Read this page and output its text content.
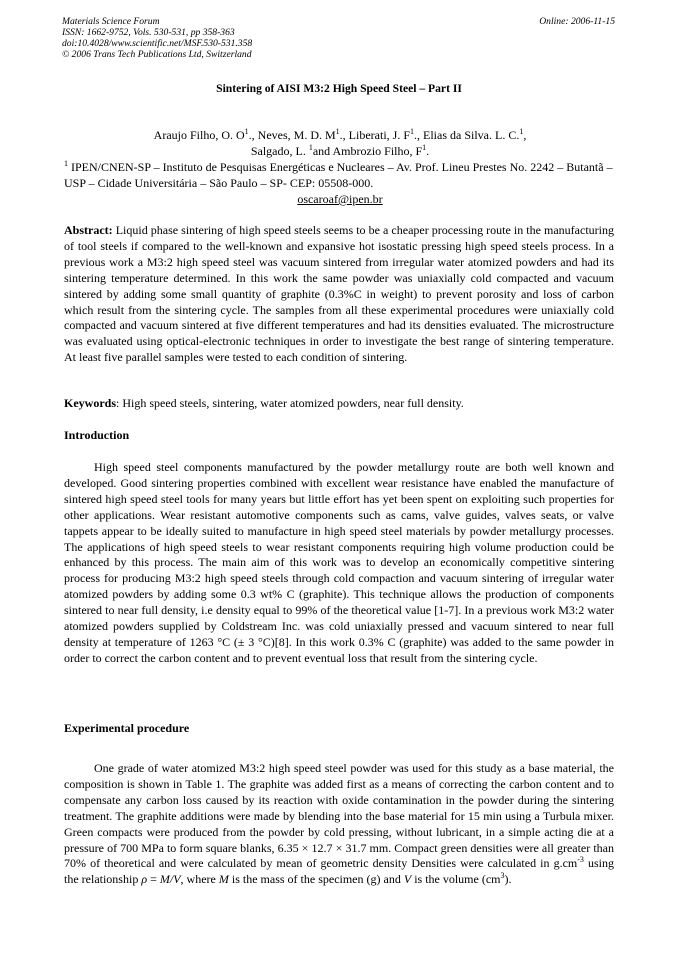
Materials Science Forum
ISSN: 1662-9752, Vols. 530-531, pp 358-363
doi:10.4028/www.scientific.net/MSF.530-531.358
© 2006 Trans Tech Publications Ltd, Switzerland
Online: 2006-11-15
Sintering of AISI M3:2 High Speed Steel – Part II
Araujo Filho, O. $O^1$., Neves, M. D. $M^1$., Liberati, J. $F^1$., Elias da Silva. L. C.$^1$,
Salgado, L. $^1$and Ambrozio Filho, $F^1$.
$^1$ IPEN/CNEN-SP – Instituto de Pesquisas Energéticas e Nucleares – Av. Prof. Lineu Prestes No. 2242 – Butantã – USP – Cidade Universitária – São Paulo – SP- CEP: 05508-000.
oscaroaf@ipen.br
Abstract: Liquid phase sintering of high speed steels seems to be a cheaper processing route in the manufacturing of tool steels if compared to the well-known and expansive hot isostatic pressing high speed steels process. In a previous work a M3:2 high speed steel was vacuum sintered from irregular water atomized powders and had its sintering temperature determined. In this work the same powder was uniaxially cold compacted and vacuum sintered by adding some small quantity of graphite (0.3%C in weight) to prevent porosity and loss of carbon which result from the sintering cycle. The samples from all these experimental procedures were uniaxially cold compacted and vacuum sintered at five different temperatures and had its densities evaluated. The microstructure was evaluated using optical-electronic techniques in order to investigate the best range of sintering temperature. At least five parallel samples were tested to each condition of sintering.
Keywords: High speed steels, sintering, water atomized powders, near full density.
Introduction
High speed steel components manufactured by the powder metallurgy route are both well known and developed. Good sintering properties combined with excellent wear resistance have enabled the manufacture of sintered high speed steel tools for many years but little effort has yet been spent on exploiting such properties for other applications. Wear resistant automotive components such as cams, valve guides, valves seats, or valve tappets appear to be ideally suited to manufacture in high speed steel materials by powder metallurgy processes. The applications of high speed steels to wear resistant components requiring high volume production could be enhanced by this process. The main aim of this work was to develop an economically competitive sintering process for producing M3:2 high speed steels through cold compaction and vacuum sintering of irregular water atomized powders by adding some 0.3 wt% C (graphite). This technique allows the production of components sintered to near full density, i.e density equal to 99% of the theoretical value [1-7]. In a previous work M3:2 water atomized powders supplied by Coldstream Inc. was cold uniaxially pressed and vacuum sintered to near full density at temperature of 1263 °C (± 3 °C)[8]. In this work 0.3% C (graphite) was added to the same powder in order to correct the carbon content and to prevent eventual loss that result from the sintering cycle.
Experimental procedure
One grade of water atomized M3:2 high speed steel powder was used for this study as a base material, the composition is shown in Table 1. The graphite was added first as a means of correcting the carbon content and to compensate any carbon loss caused by its reaction with oxide contamination in the powder during the sintering treatment. The graphite additions were made by blending into the base material for 15 min using a Turbula mixer. Green compacts were produced from the powder by cold pressing, without lubricant, in a simple acting die at a pressure of 700 MPa to form square blanks, 6.35 × 12.7 × 31.7 mm. Compact green densities were all greater than 70% of theoretical and were calculated by mean of geometric density Densities were calculated in $g.cm^{-3}$ using the relationship ρ = M/V, where M is the mass of the specimen (g) and V is the volume $(cm^3)$.
